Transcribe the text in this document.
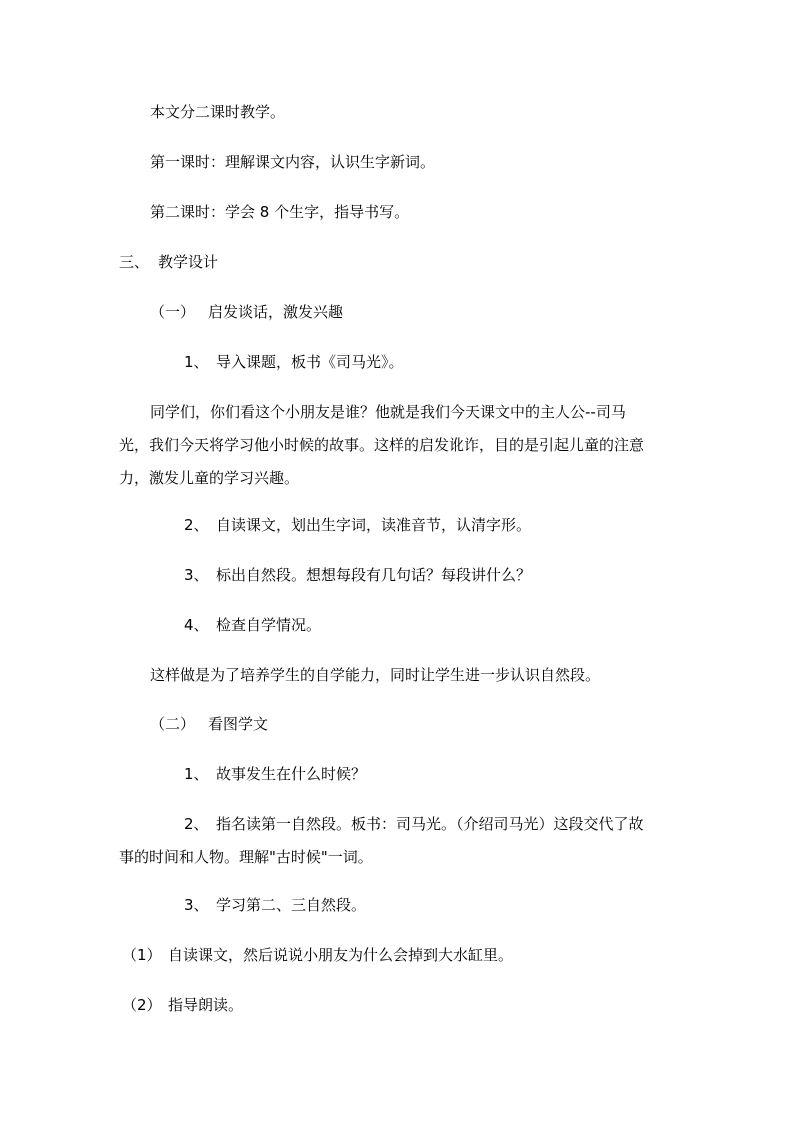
本文分二课时教学。
第一课时：理解课文内容，认识生字新词。
第二课时：学会 8 个生字，指导书写。
三、 教学设计
（一） 启发谈话，激发兴趣
1、 导入课题，板书《司马光》。
同学们，你们看这个小朋友是谁？他就是我们今天课文中的主人公--司马
光，我们今天将学习他小时候的故事。这样的启发讹诈，目的是引起儿童的注意
力，激发儿童的学习兴趣。
2、 自读课文，划出生字词，读准音节，认清字形。
3、 标出自然段。想想每段有几句话？每段讲什么？
4、 检查自学情况。
这样做是为了培养学生的自学能力，同时让学生进一步认识自然段。
（二） 看图学文
1、 故事发生在什么时候？
2、 指名读第一自然段。板书：司马光。（介绍司马光）这段交代了故
事的时间和人物。理解"古时候"一词。
3、 学习第二、三自然段。
（1） 自读课文，然后说说小朋友为什么会掉到大水缸里。
（2） 指导朗读。
